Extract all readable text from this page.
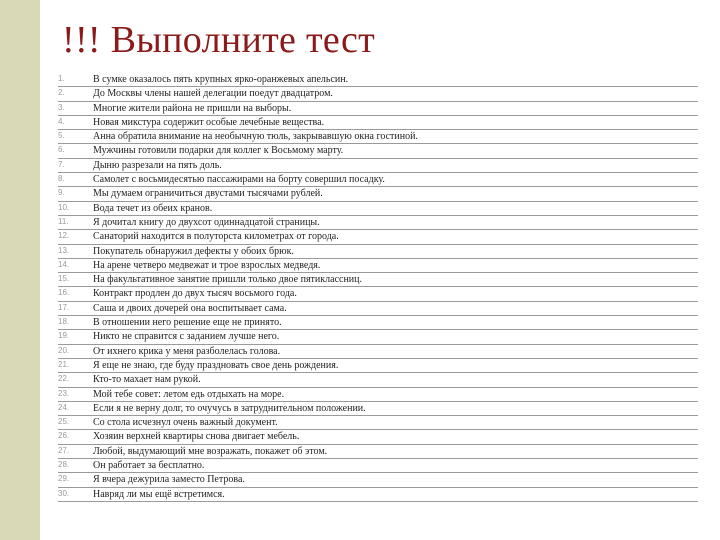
!!! Выполните тест
1.	В сумке оказалось пять крупных ярко-оранжевых апельсин.
2.	До Москвы члены нашей делегации поедут двадцатром.
3.	Многие жители района не пришли на выборы.
4.	Новая микстура содержит особые лечебные вещества.
5.	Анна обратила внимание на необычную тюль, закрывавшую окна гостиной.
6.	Мужчины готовили подарки для коллег к Восьмому марту.
7.	Дыню разрезали на пять доль.
8.	Самолет с восьмидесятью пассажирами на борту совершил посадку.
9.	Мы думаем ограничиться двустами тысячами рублей.
10.	Вода течет из обеих кранов.
11.	Я дочитал книгу до двухсот одиннадцатой страницы.
12.	Санаторий находится в полуторста километрах от города.
13.	Покупатель обнаружил дефекты у обоих брюк.
14.	На арене четверо медвежат и трое взрослых медведя.
15.	На факультативное занятие пришли только двое пятиклассниц.
16.	Контракт продлен до двух тысяч восьмого года.
17.	Саша и двоих дочерей она воспитывает сама.
18.	В отношении него решение еще не принято.
19.	Никто не справится с заданием лучше него.
20.	От ихнего крика у меня разболелась голова.
21.	Я еще не знаю, где буду праздновать свое день рождения.
22.	Кто-то махает нам рукой.
23.	Мой тебе совет: летом едь отдыхать на море.
24.	Если я не верну долг, то очучусь в затруднительном положении.
25.	Со стола исчезнул очень важный документ.
26.	Хозяин верхней квартиры снова двигает мебель.
27.	Любой, выдумающий мне возражать, покажет об этом.
28.	Он работает за бесплатно.
29.	Я вчера дежурила заместо Петрова.
30.	Навряд ли мы ещё встретимся.
